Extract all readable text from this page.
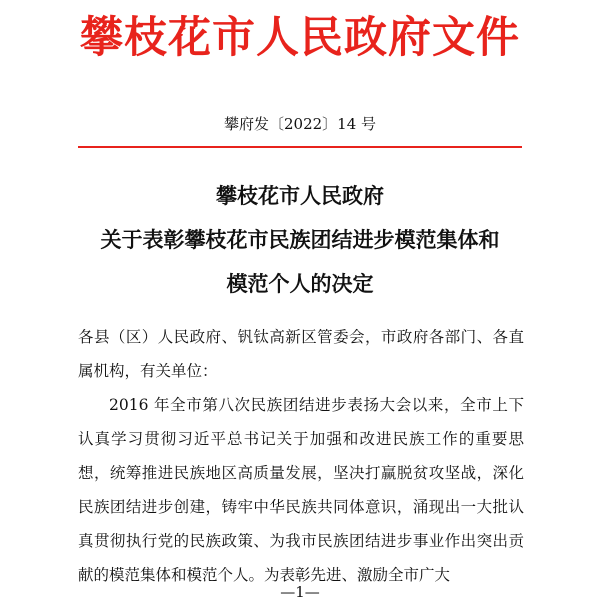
攀枝花市人民政府文件
攀府发〔2022〕14 号
攀枝花市人民政府
关于表彰攀枝花市民族团结进步模范集体和
模范个人的决定

各县（区）人民政府、钒钛高新区管委会，市政府各部门、各直属机构，有关单位：

2016 年全市第八次民族团结进步表扬大会以来，全市上下认真学习贯彻习近平总书记关于加强和改进民族工作的重要思想，统筹推进民族地区高质量发展，坚决打赢脱贫攻坚战，深化民族团结进步创建，铸牢中华民族共同体意识，涌现出一大批认真贯彻执行党的民族政策、为我市民族团结进步事业作出突出贡献的模范集体和模范个人。为表彰先进、激励全市广大

—1—
